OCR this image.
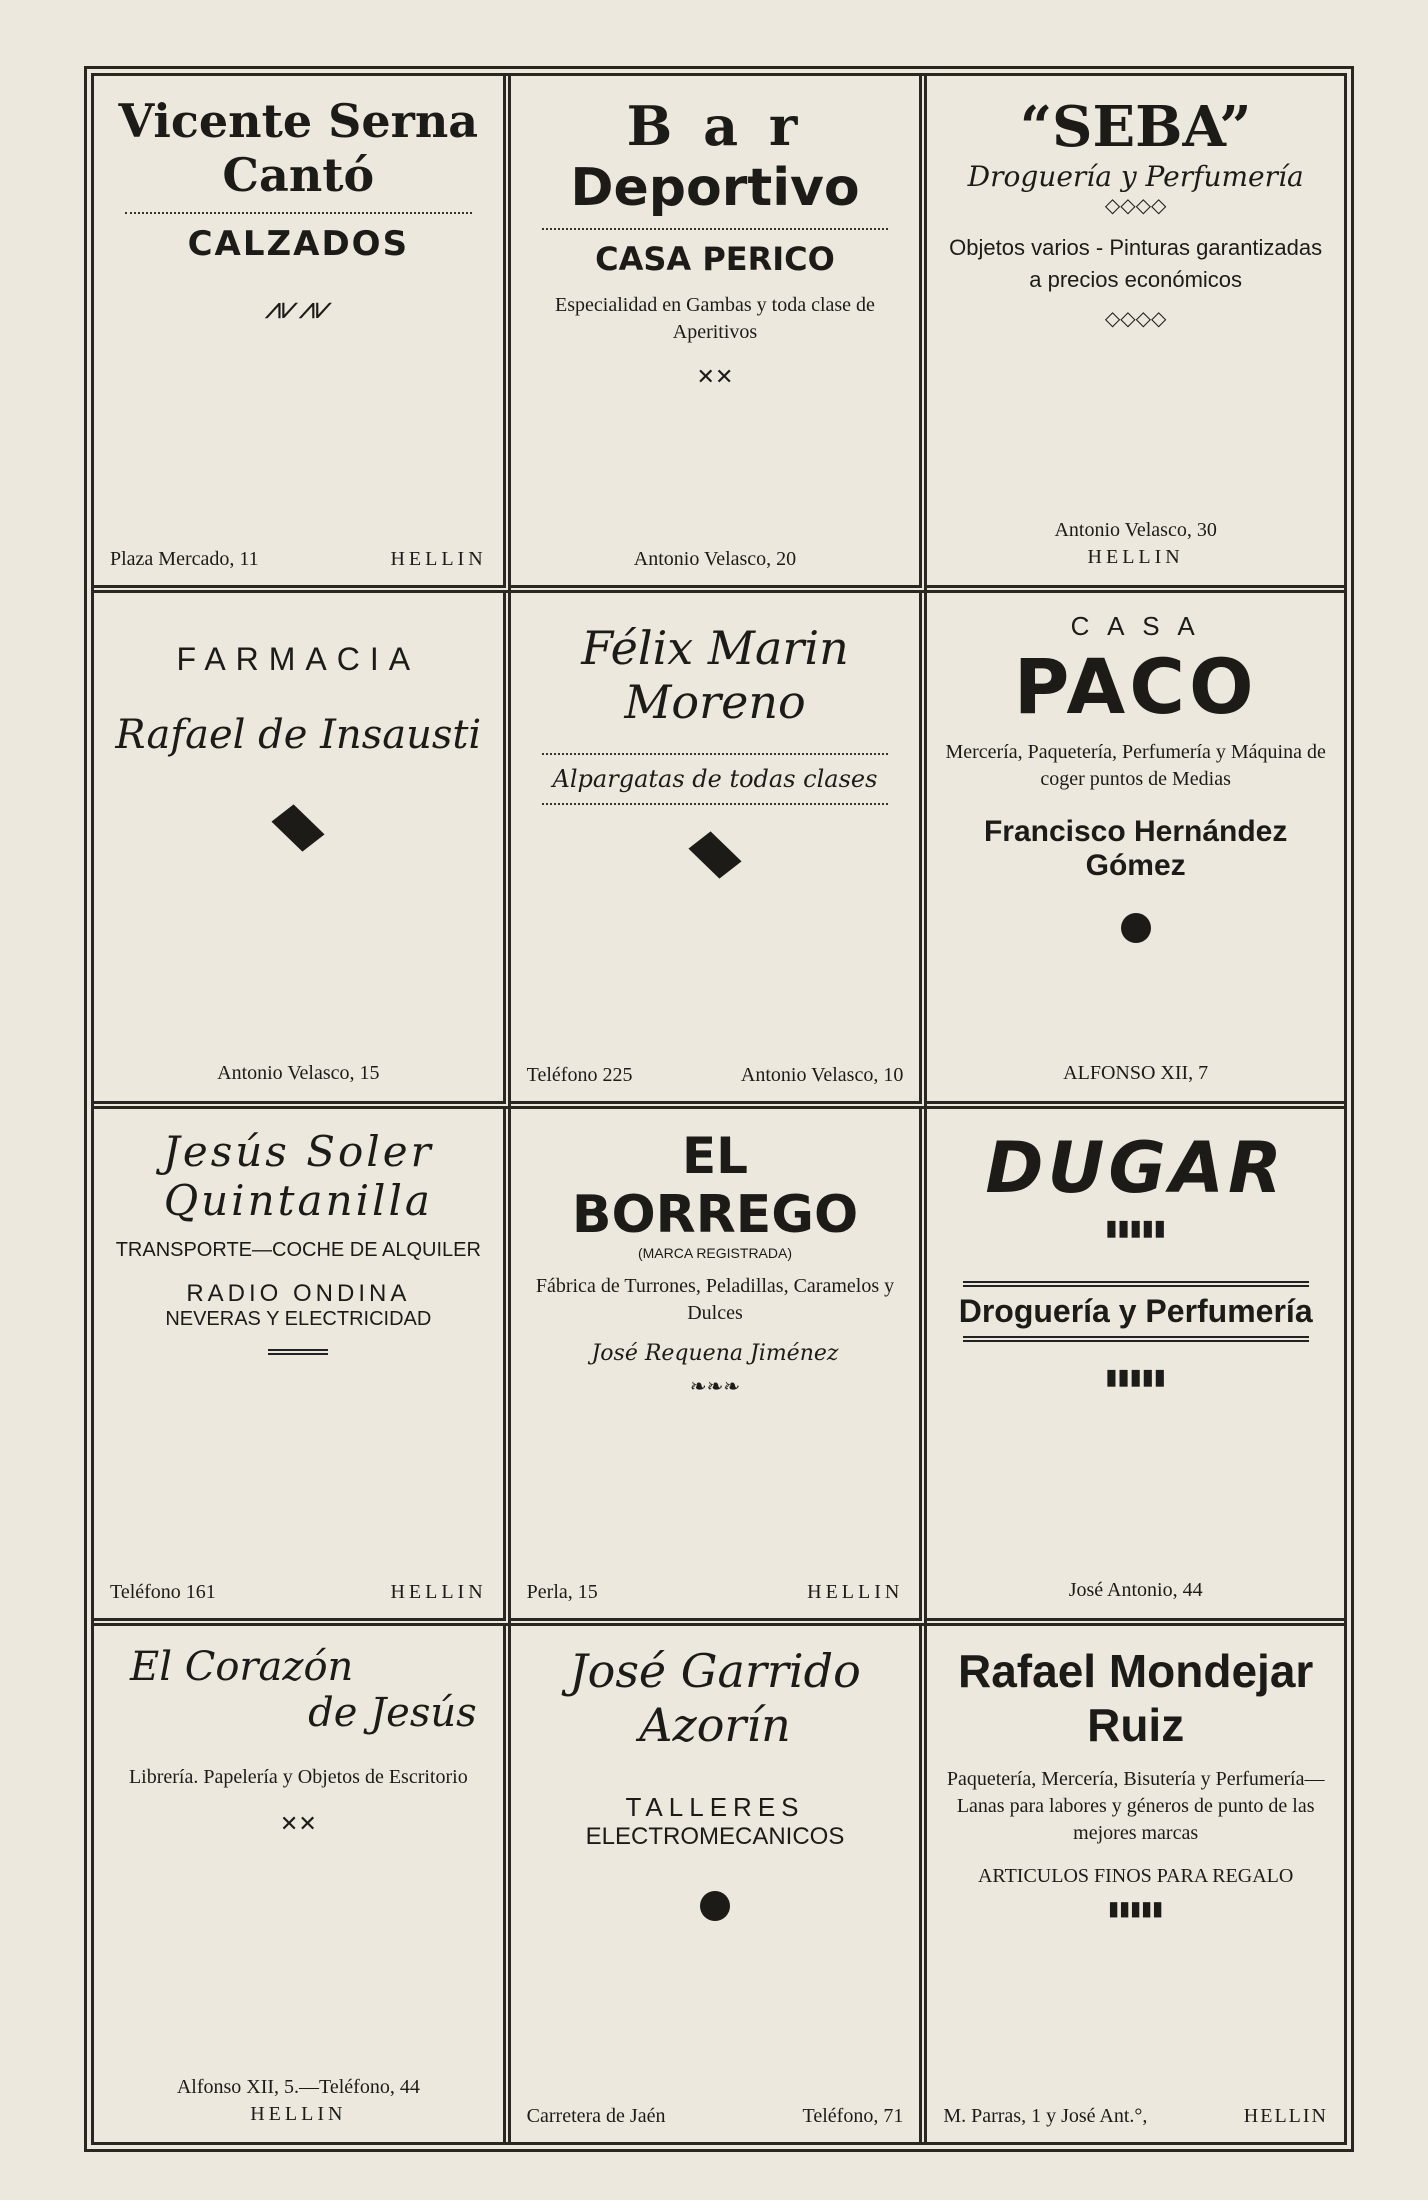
Vicente Serna
Cantó
CALZADOS
⩘⩗⩘⩗
Plaza Mercado, 11	HELLIN
B a r
Deportivo
CASA PERICO
Especialidad en Gambas y toda clase de Aperitivos
✕✕
Antonio Velasco, 20
“SEBA”
Droguería y Perfumería
◇◇◇◇
Objetos varios - Pinturas garantizadas a precios económicos
◇◇◇◇
Antonio Velasco, 30
HELLIN
FARMACIA
Rafael de Insausti
Antonio Velasco, 15
Félix Marin
Moreno
Alpargatas de todas clases
Teléfono 225	Antonio Velasco, 10
C A S A
PACO
Mercería, Paquetería, Perfumería y Máquina de coger puntos de Medias
Francisco Hernández Gómez
ALFONSO XII, 7
Jesús Soler
Quintanilla
TRANSPORTE—COCHE DE ALQUILER
RADIO ONDINA
NEVERAS Y ELECTRICIDAD
Teléfono 161	HELLIN
EL
BORREGO
(MARCA REGISTRADA)
Fábrica de Turrones, Peladillas, Caramelos y Dulces
José Requena Jiménez
❧❧❧
Perla, 15	HELLIN
DUGAR
▮▮▮▮▮
Droguería y Perfumería
▮▮▮▮▮
José Antonio, 44
El Corazón
de Jesús
Librería. Papelería y Objetos de Escritorio
✕✕
Alfonso XII, 5.—Teléfono, 44
HELLIN
José Garrido
Azorín
TALLERES
ELECTROMECANICOS
Carretera de Jaén	Teléfono, 71
Rafael Mondejar
Ruiz
Paquetería, Mercería, Bisutería y Perfumería—Lanas para labores y géneros de punto de las mejores marcas
ARTICULOS FINOS PARA REGALO
▮▮▮▮▮
M. Parras, 1 y José Ant.°,	HELLIN
